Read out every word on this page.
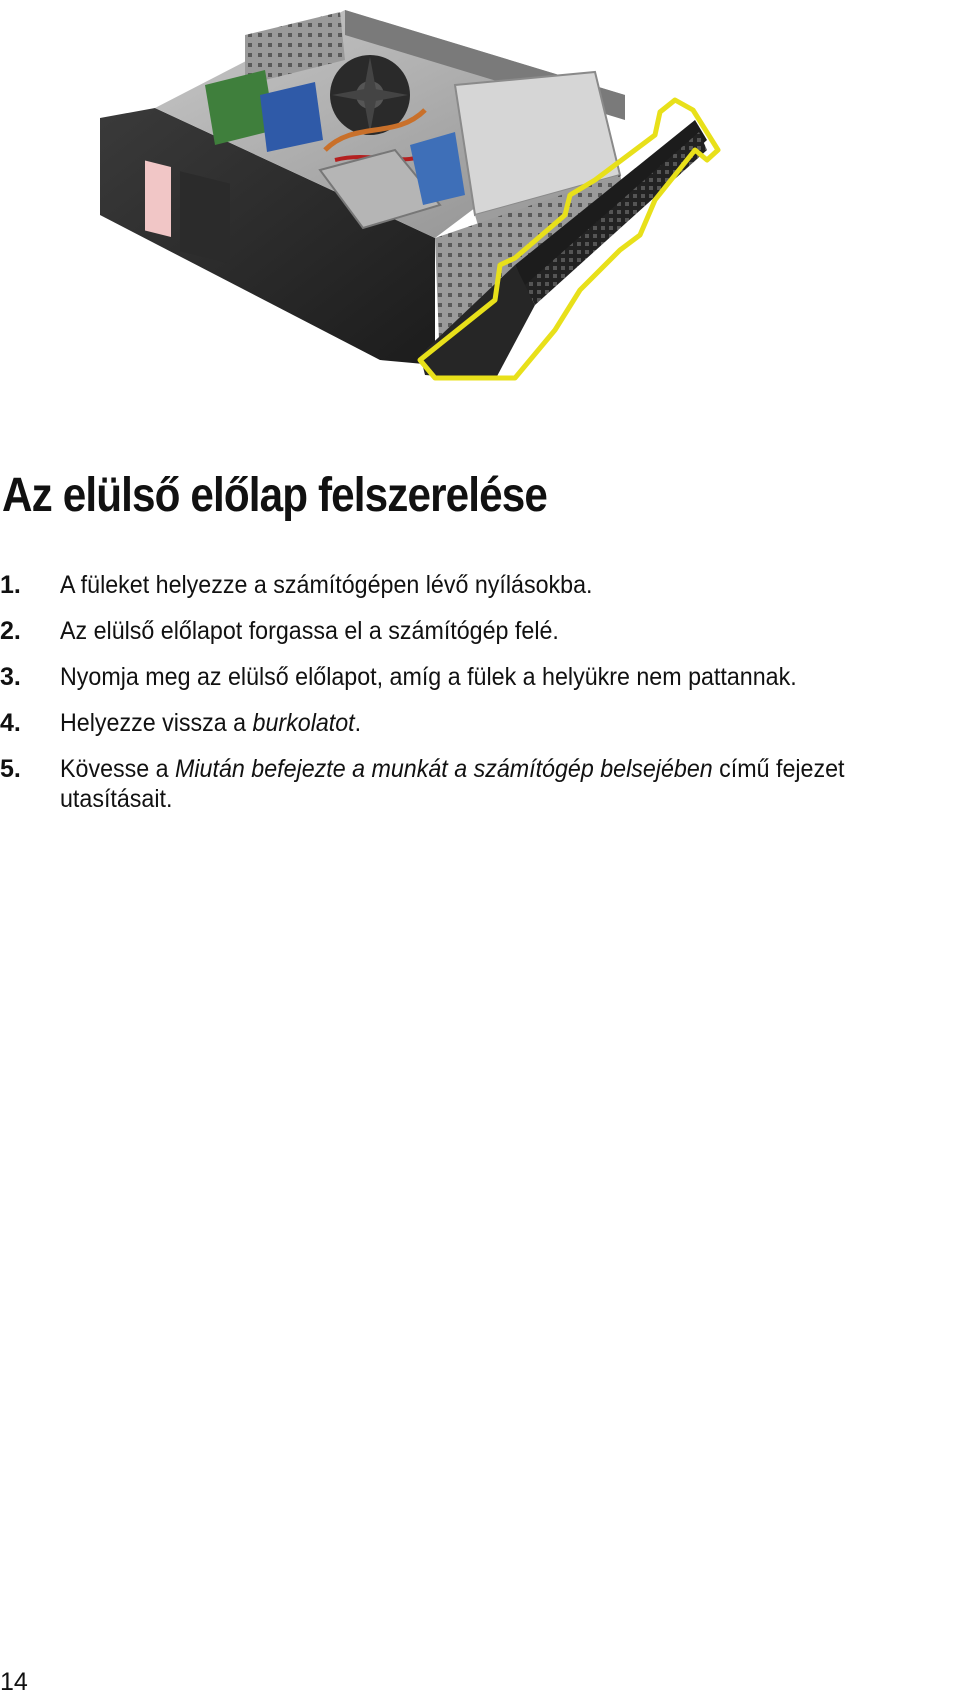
Az elülső előlap felszerelése
1. A füleket helyezze a számítógépen lévő nyílásokba.
2. Az elülső előlapot forgassa el a számítógép felé.
3. Nyomja meg az elülső előlapot, amíg a fülek a helyükre nem pattannak.
4. Helyezze vissza a burkolatot.
5. Kövesse a Miután befejezte a munkát a számítógép belsejében című fejezet utasításait.
14
